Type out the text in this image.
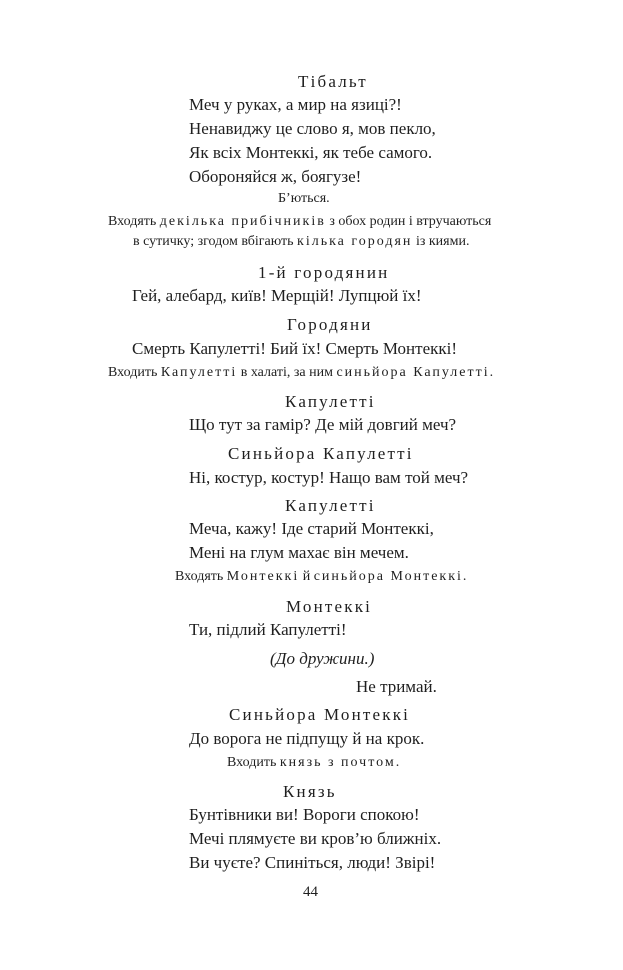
Тібальт
Меч у руках, а мир на язиці?!
Ненавиджу це слово я, мов пекло,
Як всіх Монтеккі, як тебе самого.
Обороняйся ж, боягузе!
Б’ються.
Входять декілька прибічників з обох родин і втручаються
в сутичку; згодом вбігають кілька городян із киями.
1-й городянин
Гей, алебард, київ! Мерщій! Лупцюй їх!
Городяни
Смерть Капулетті! Бий їх! Смерть Монтеккі!
Входить Капулетті в халаті, за ним синьйора Капулетті.
Капулетті
Що тут за гамір? Де мій довгий меч?
Синьйора Капулетті
Ні, костур, костур! Нащо вам той меч?
Капулетті
Меча, кажу! Іде старий Монтеккі,
Мені на глум махає він мечем.
Входять Монтеккі й синьйора Монтеккі.
Монтеккі
Ти, підлий Капулетті!
(До дружини.)
Не тримай.
Синьйора Монтеккі
До ворога не підпущу й на крок.
Входить князь з почтом.
Князь
Бунтівники ви! Вороги спокою!
Мечі плямуєте ви кров’ю ближніх.
Ви чуєте? Спиніться, люди! Звірі!
44
